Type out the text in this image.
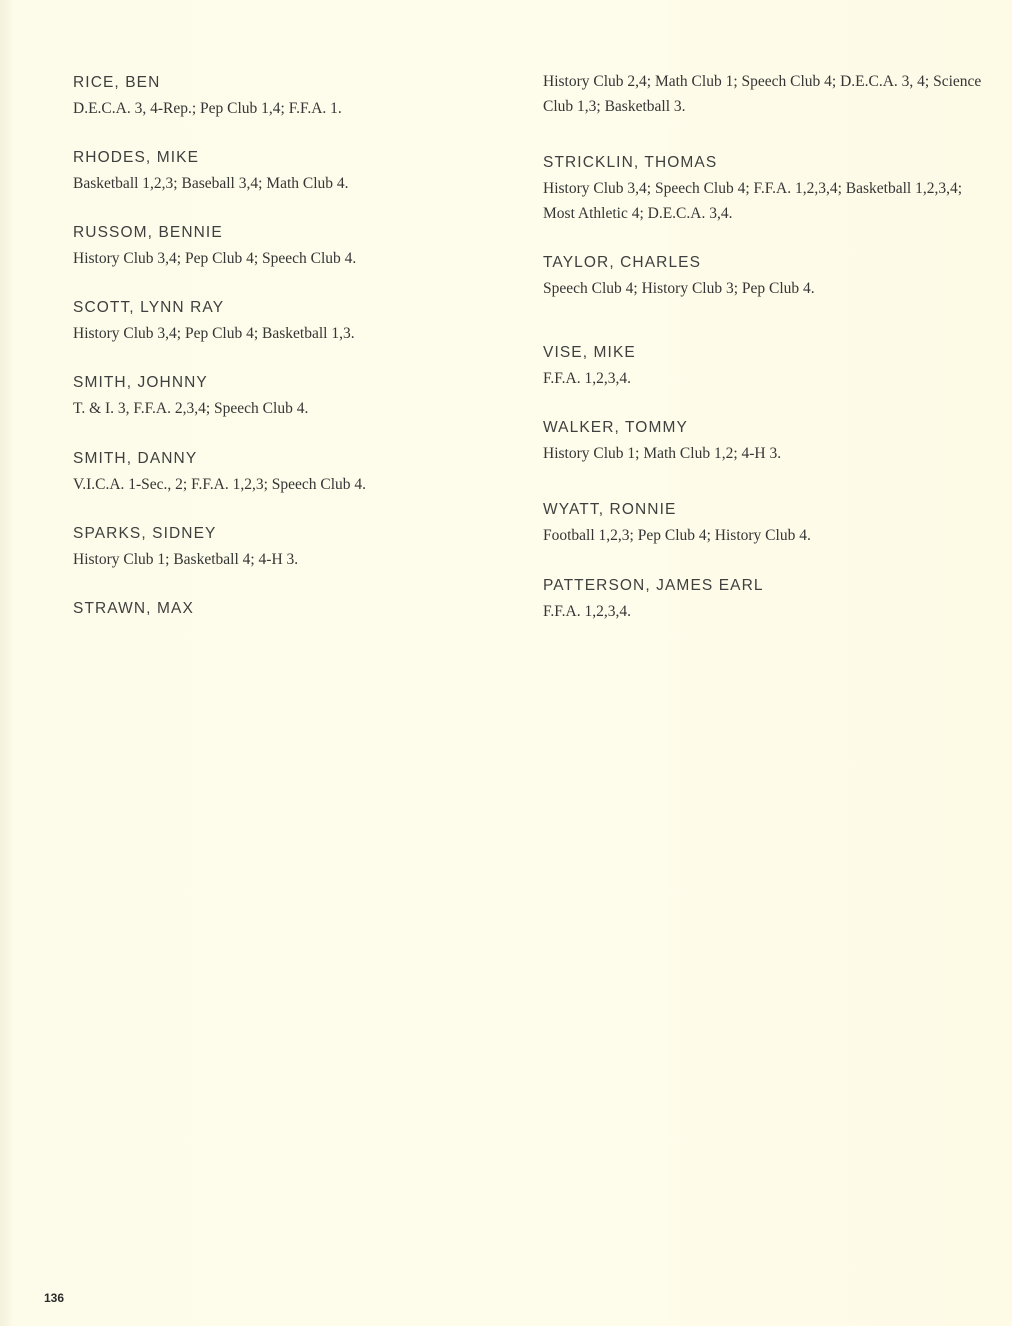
RICE, BEN
D.E.C.A. 3, 4-Rep.; Pep Club 1,4; F.F.A. 1.
RHODES, MIKE
Basketball 1,2,3; Baseball 3,4; Math Club 4.
RUSSOM, BENNIE
History Club 3,4; Pep Club 4; Speech Club 4.
SCOTT, LYNN RAY
History Club 3,4; Pep Club 4; Basketball 1,3.
SMITH, JOHNNY
T. & I. 3, F.F.A. 2,3,4; Speech Club 4.
SMITH, DANNY
V.I.C.A. 1-Sec., 2; F.F.A. 1,2,3; Speech Club 4.
SPARKS, SIDNEY
History Club 1; Basketball 4; 4-H 3.
STRAWN, MAX
History Club 2,4; Math Club 1; Speech Club 4; D.E.C.A. 3, 4; Science Club 1,3; Basketball 3.
STRICKLIN, THOMAS
History Club 3,4; Speech Club 4; F.F.A. 1,2,3,4; Basketball 1,2,3,4; Most Athletic 4; D.E.C.A. 3,4.
TAYLOR, CHARLES
Speech Club 4; History Club 3; Pep Club 4.
VISE, MIKE
F.F.A. 1,2,3,4.
WALKER, TOMMY
History Club 1; Math Club 1,2; 4-H 3.
WYATT, RONNIE
Football 1,2,3; Pep Club 4; History Club 4.
PATTERSON, JAMES EARL
F.F.A. 1,2,3,4.
136
